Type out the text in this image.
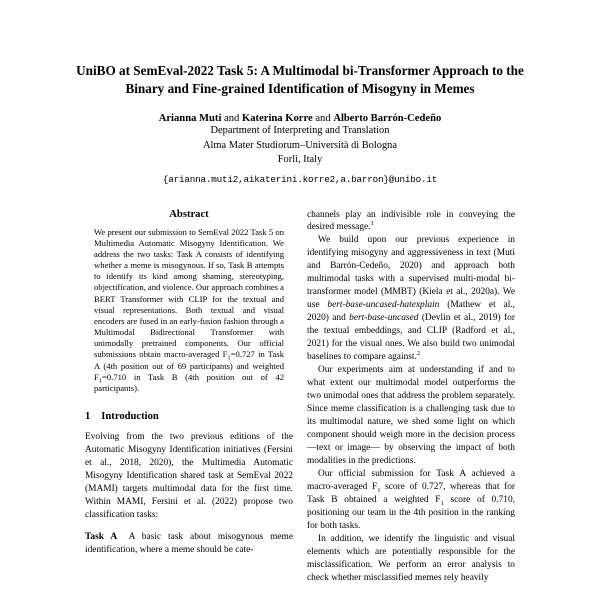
UniBO at SemEval-2022 Task 5: A Multimodal bi-Transformer Approach to the Binary and Fine-grained Identification of Misogyny in Memes
Arianna Muti and Katerina Korre and Alberto Barrón-Cedeño
Department of Interpreting and Translation
Alma Mater Studiorum–Università di Bologna
Forlì, Italy
{arianna.muti2,aikaterini.korre2,a.barron}@unibo.it
Abstract

We present our submission to SemEval 2022 Task 5 on Multimedia Automatic Misogyny Identification. We address the two tasks: Task A consists of identifying whether a meme is misogynous. If so, Task B attempts to identify its kind among shaming, stereotyping, objectification, and violence. Our approach combines a BERT Transformer with CLIP for the textual and visual representations. Both textual and visual encoders are fused in an early-fusion fashion through a Multimodal Bidirectional Transformer with unimodally pretrained components. Our official submissions obtain macro-averaged $F_1=0.727$ in Task A (4th position out of 69 participants) and weighted $F_1=0.710$ in Task B (4th position out of 42 participants).

1 Introduction

Evolving from the two previous editions of the Automatic Misogyny Identification initiatives (Fersini et al., 2018, 2020), the Multimedia Automatic Misogyny Identification shared task at SemEval 2022 (MAMI) targets multimodal data for the first time. Within MAMI, Fersini et al. (2022) propose two classification tasks:

Task A A basic task about misogynous meme identification, where a meme should be cate-

channels play an indivisible role in conveying the desired message.$^1$

We build upon our previous experience in identifying misogyny and aggressiveness in text (Muti and Barrón-Cedeño, 2020) and approach both multimodal tasks with a supervised multi-modal bi-transformer model (MMBT) (Kiela et al., 2020a). We use bert-base-uncased-hatexplain (Mathew et al., 2020) and bert-base-uncased (Devlin et al., 2019) for the textual embeddings, and CLIP (Radford et al., 2021) for the visual ones. We also build two unimodal baselines to compare against.$^2$

Our experiments aim at understanding if and to what extent our multimodal model outperforms the two unimodal ones that address the problem separately. Since meme classification is a challenging task due to its multimodal nature, we shed some light on which component should weigh more in the decision process —text or image— by observing the impact of both modalities in the predictions.

Our official submission for Task A achieved a macro-averaged $F_1$ score of 0.727, whereas that for Task B obtained a weighted $F_1$ score of 0.710, positioning our team in the 4th position in the ranking for both tasks.

In addition, we identify the linguistic and visual elements which are potentially responsible for the misclassification. We perform an error analysis to check whether misclassified memes rely heavily
